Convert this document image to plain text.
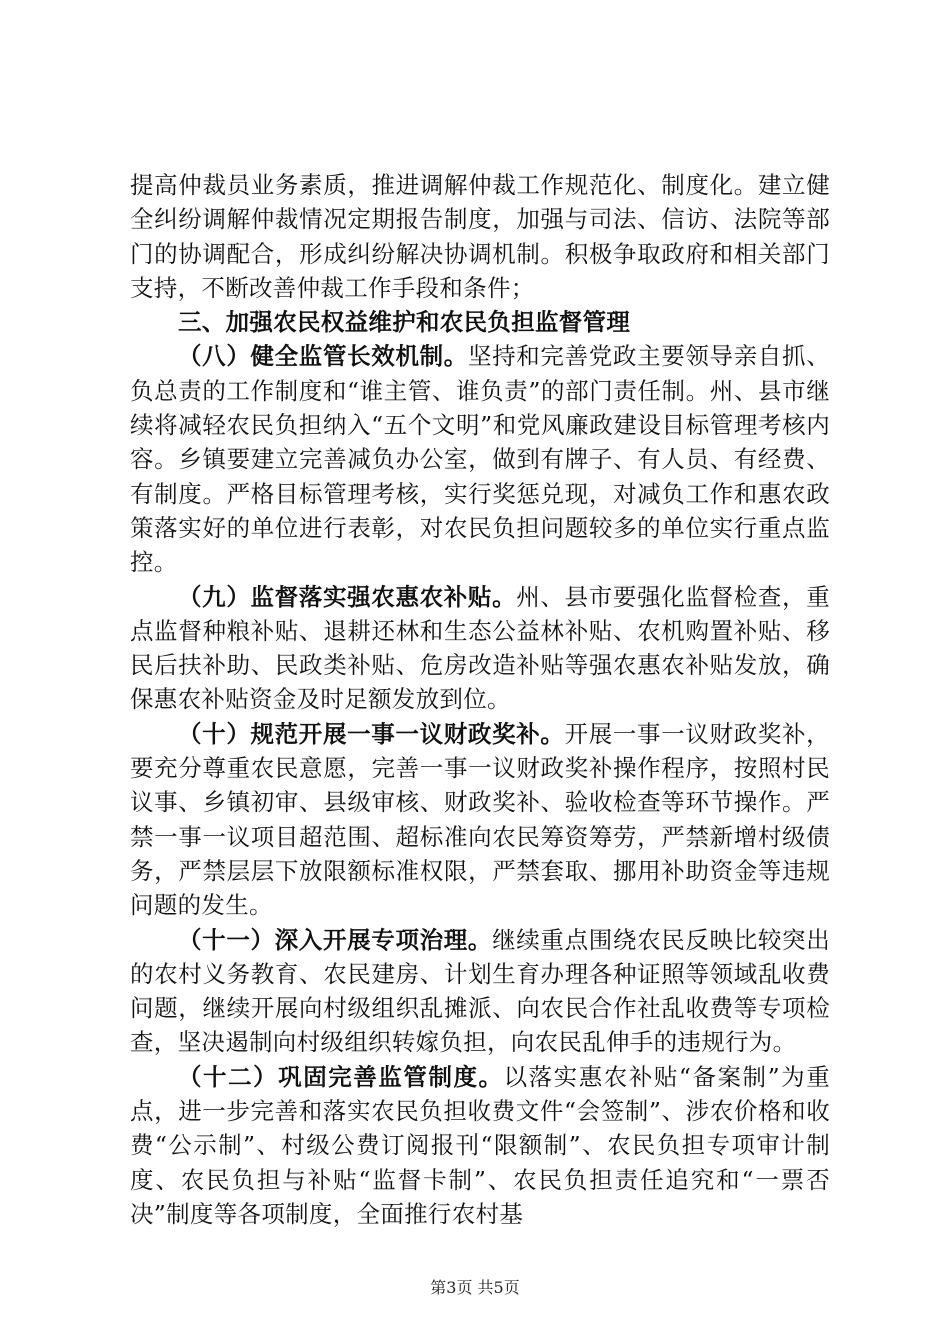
提高仲裁员业务素质，推进调解仲裁工作规范化、制度化。建立健全纠纷调解仲裁情况定期报告制度，加强与司法、信访、法院等部门的协调配合，形成纠纷解决协调机制。积极争取政府和相关部门支持，不断改善仲裁工作手段和条件；

三、加强农民权益维护和农民负担监督管理

（八）健全监管长效机制。坚持和完善党政主要领导亲自抓、负总责的工作制度和“谁主管、谁负责”的部门责任制。州、县市继续将减轻农民负担纳入“五个文明”和党风廉政建设目标管理考核内容。乡镇要建立完善减负办公室，做到有牌子、有人员、有经费、有制度。严格目标管理考核，实行奖惩兑现，对减负工作和惠农政策落实好的单位进行表彰，对农民负担问题较多的单位实行重点监控。

（九）监督落实强农惠农补贴。州、县市要强化监督检查，重点监督种粮补贴、退耕还林和生态公益林补贴、农机购置补贴、移民后扶补助、民政类补贴、危房改造补贴等强农惠农补贴发放，确保惠农补贴资金及时足额发放到位。

（十）规范开展一事一议财政奖补。开展一事一议财政奖补，要充分尊重农民意愿，完善一事一议财政奖补操作程序，按照村民议事、乡镇初审、县级审核、财政奖补、验收检查等环节操作。严禁一事一议项目超范围、超标准向农民筹资筹劳，严禁新增村级债务，严禁层层下放限额标准权限，严禁套取、挪用补助资金等违规问题的发生。

（十一）深入开展专项治理。继续重点围绕农民反映比较突出的农村义务教育、农民建房、计划生育办理各种证照等领域乱收费问题，继续开展向村级组织乱摊派、向农民合作社乱收费等专项检查，坚决遏制向村级组织转嫁负担，向农民乱伸手的违规行为。

（十二）巩固完善监管制度。以落实惠农补贴“备案制”为重点，进一步完善和落实农民负担收费文件“会签制”、涉农价格和收费“公示制”、村级公费订阅报刊“限额制”、农民负担专项审计制度、农民负担与补贴“监督卡制”、农民负担责任追究和“一票否决”制度等各项制度，全面推行农村基

第3页 共5页
